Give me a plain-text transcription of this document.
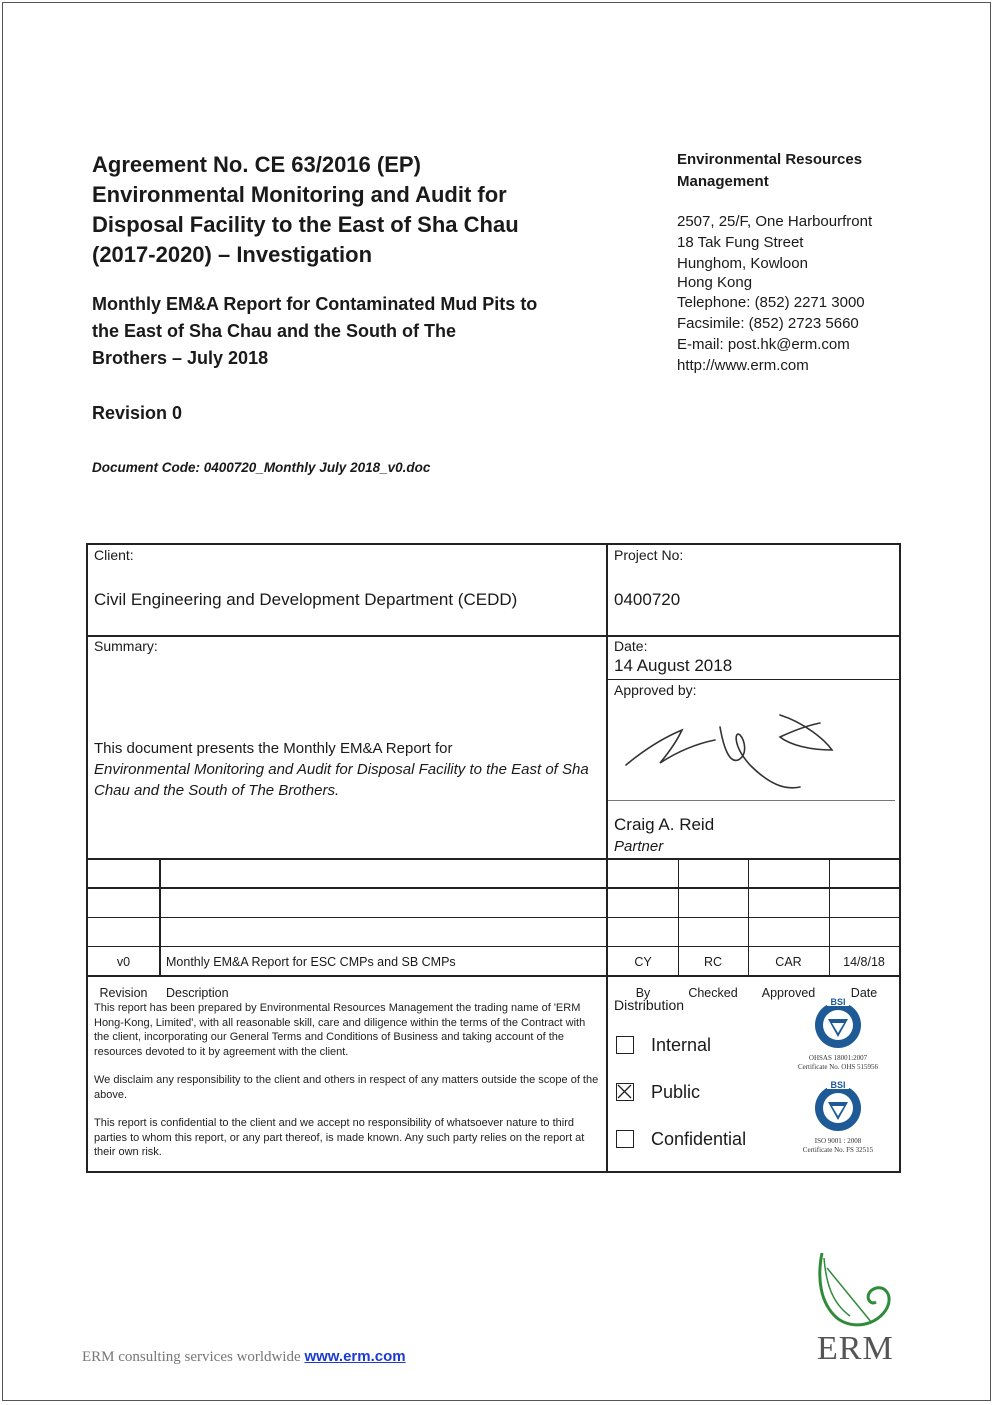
Agreement No. CE 63/2016 (EP)

Environmental Monitoring and Audit for

Disposal Facility to the East of Sha Chau

(2017-2020) – Investigation

Monthly EM&A Report for Contaminated Mud Pits to

the East of Sha Chau and the South of The

Brothers – July 2018

Revision 0
Document Code: 0400720_Monthly July 2018_v0.doc
Environmental Resources
Management
2507, 25/F, One Harbourfront
18 Tak Fung Street
Hunghom, Kowloon
Hong Kong
Telephone: (852) 2271 3000
Facsimile: (852) 2723 5660
E-mail: post.hk@erm.com
http://www.erm.com
Client:
Civil Engineering and Development Department (CEDD)
Project No:
0400720
Summary:
This document presents the Monthly EM&A Report for
Environmental Monitoring and Audit for Disposal Facility to the East of Sha Chau and the South of The Brothers.
Date:
14 August 2018
Approved by:
Craig A. Reid
Partner
v0	Monthly EM&A Report for ESC CMPs and SB CMPs	CY	RC	CAR	14/8/18
Revision	Description	By	Checked	Approved	Date

This report has been prepared by Environmental Resources Management the trading name of 'ERM Hong-Kong, Limited', with all reasonable skill, care and diligence within the terms of the Contract with the client, incorporating our General Terms and Conditions of Business and taking account of the resources devoted to it by agreement with the client.

We disclaim any responsibility to the client and others in respect of any matters outside the scope of the above.

This report is confidential to the client and we accept no responsibility of whatsoever nature to third parties to whom this report, or any part thereof, is made known. Any such party relies on the report at their own risk.

Distribution
Internal
Public
Confidential
BSI
OHSAS 18001:2007
Certificate No. OHS 515956
BSI
ISO 9001 : 2008
Certificate No. FS 32515
ERM
ERM consulting services worldwide www.erm.com
